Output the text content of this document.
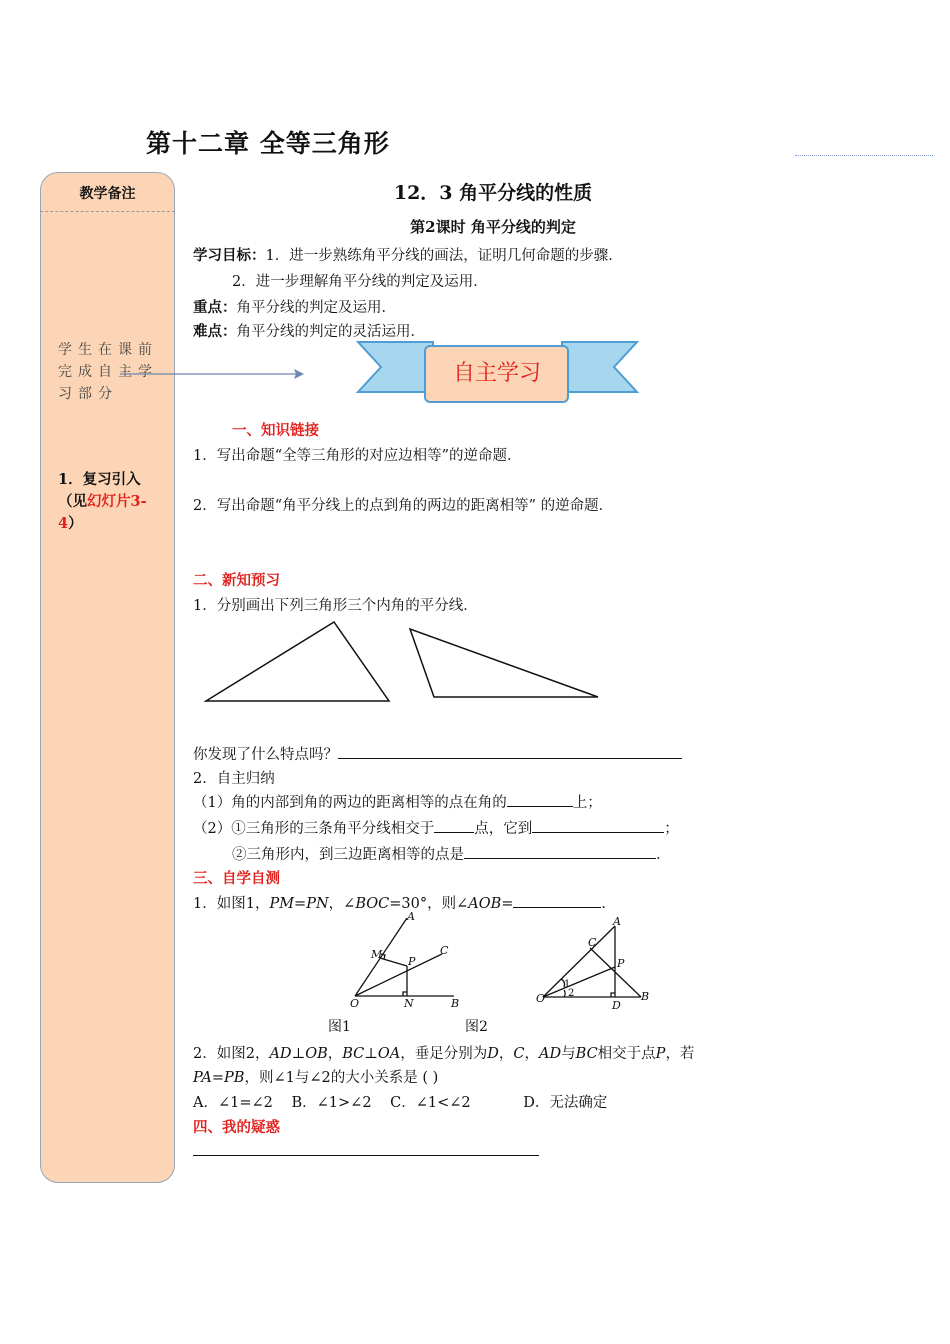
第十二章 全等三角形
教学备注
学生在课前完成自主学习部分
1．复习引入（见幻灯片3-4）
12．3 角平分线的性质
第2课时 角平分线的判定
学习目标：1．进一步熟练角平分线的画法，证明几何命题的步骤．
2．进一步理解角平分线的判定及运用．
重点：角平分线的判定及运用．
难点：角平分线的判定的灵活运用．
自主学习
一、知识链接
1．写出命题“全等三角形的对应边相等”的逆命题．
2．写出命题“角平分线上的点到角的两边的距离相等” 的逆命题．
二、新知预习
1．分别画出下列三角形三个内角的平分线．
你发现了什么特点吗？
2．自主归纳
（1）角的内部到角的两边的距离相等的点在角的	上；
（2）①三角形的三条角平分线相交于	点，它到	；
②三角形内，到三边距离相等的点是	．
三、自学自测
1．如图1，PM=PN，∠BOC=30°，则∠AOB=	．
A
C
M
P
O	N	B
A
C
P
O
D
B
1
2
图1	图2
2．如图2，AD⊥OB，BC⊥OA，垂足分别为D，C，AD与BC相交于点P，若
PA=PB，则∠1与∠2的大小关系是 ( )
A．∠1=∠2 B．∠1>∠2 C．∠1<∠2	D．无法确定
四、我的疑惑
